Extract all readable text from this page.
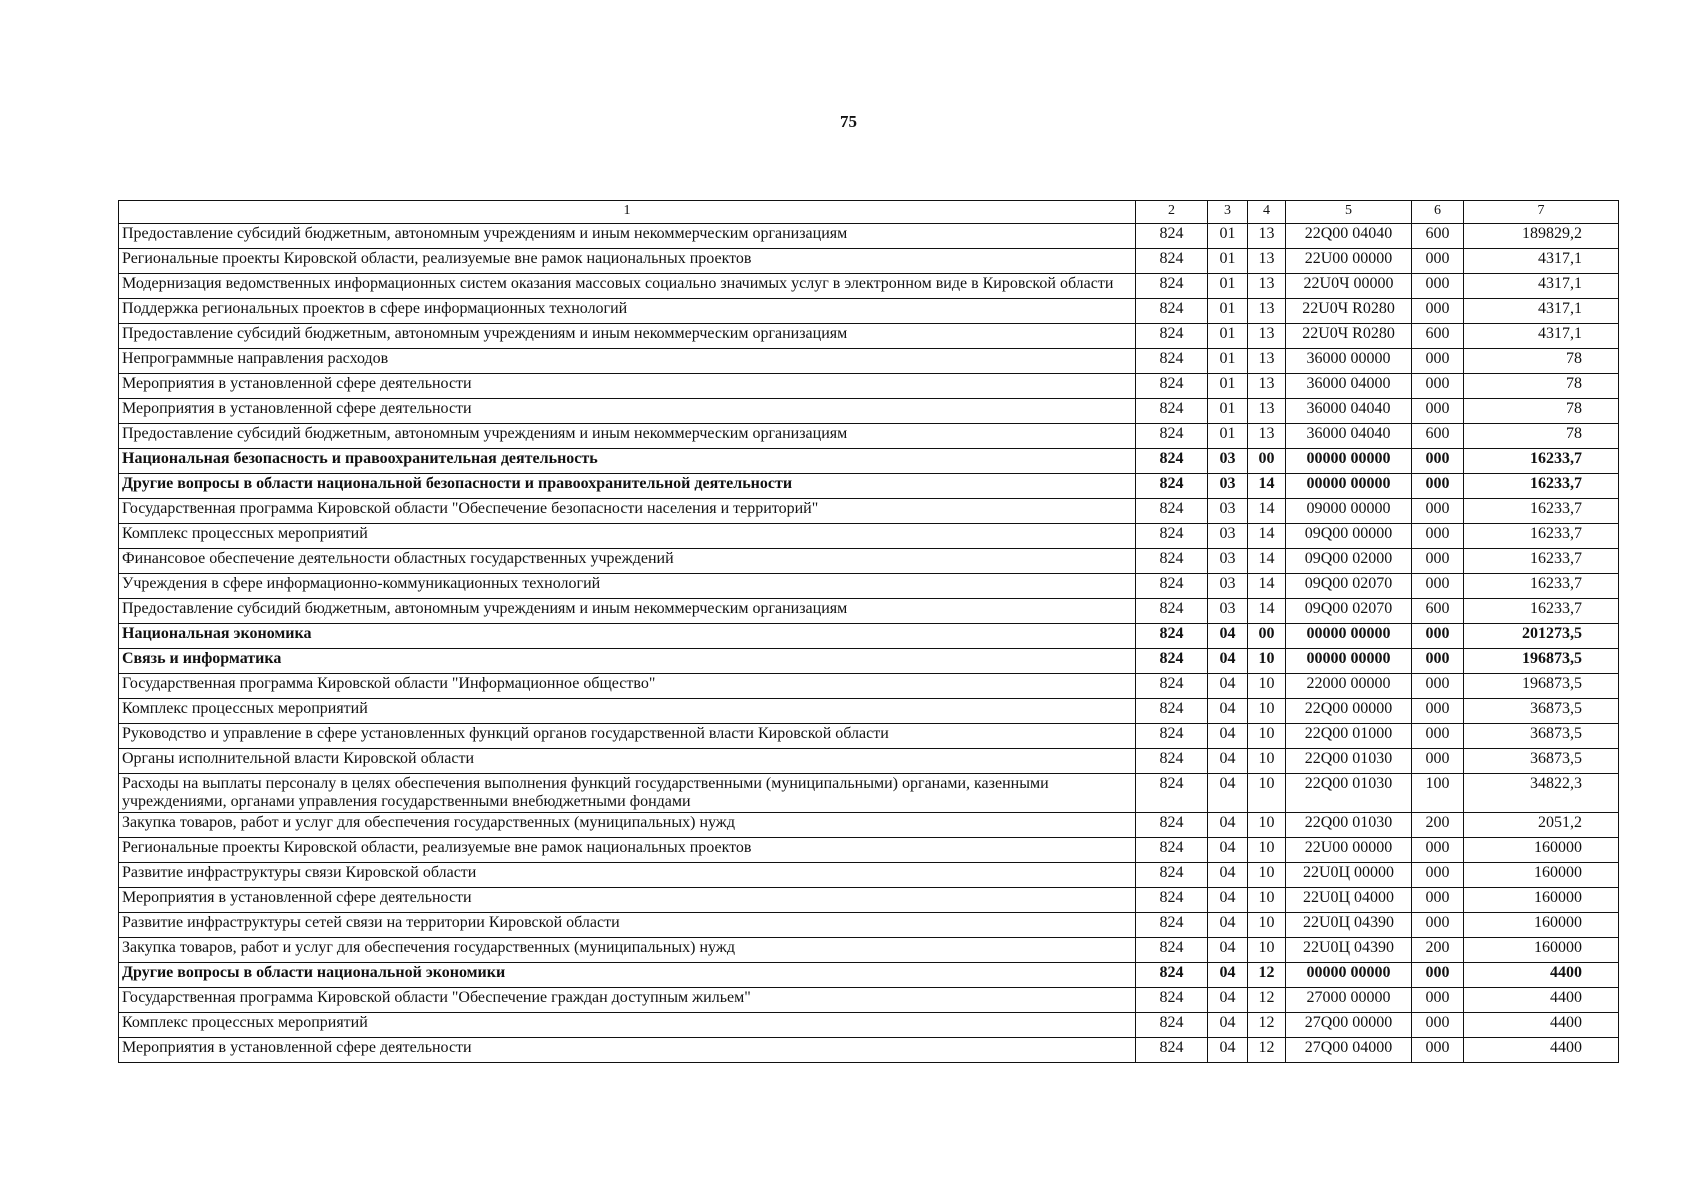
75
1	2	3	4	5	6	7
Предоставление субсидий бюджетным, автономным учреждениям и иным некоммерческим организациям	824	01	13	22Q00 04040	600	189829,2
Региональные проекты Кировской области, реализуемые вне рамок национальных проектов	824	01	13	22U00 00000	000	4317,1
Модернизация ведомственных информационных систем оказания массовых социально значимых услуг в электронном виде в Кировской области	824	01	13	22U0Ч 00000	000	4317,1
Поддержка региональных проектов в сфере информационных технологий	824	01	13	22U0Ч R0280	000	4317,1
Предоставление субсидий бюджетным, автономным учреждениям и иным некоммерческим организациям	824	01	13	22U0Ч R0280	600	4317,1
Непрограммные направления расходов	824	01	13	36000 00000	000	78
Мероприятия в установленной сфере деятельности	824	01	13	36000 04000	000	78
Мероприятия в установленной сфере деятельности	824	01	13	36000 04040	000	78
Предоставление субсидий бюджетным, автономным учреждениям и иным некоммерческим организациям	824	01	13	36000 04040	600	78
Национальная безопасность и правоохранительная деятельность	824	03	00	00000 00000	000	16233,7
Другие вопросы в области национальной безопасности и правоохранительной деятельности	824	03	14	00000 00000	000	16233,7
Государственная программа Кировской области "Обеспечение безопасности населения и территорий"	824	03	14	09000 00000	000	16233,7
Комплекс процессных мероприятий	824	03	14	09Q00 00000	000	16233,7
Финансовое обеспечение деятельности областных государственных учреждений	824	03	14	09Q00 02000	000	16233,7
Учреждения в сфере информационно-коммуникационных технологий	824	03	14	09Q00 02070	000	16233,7
Предоставление субсидий бюджетным, автономным учреждениям и иным некоммерческим организациям	824	03	14	09Q00 02070	600	16233,7
Национальная экономика	824	04	00	00000 00000	000	201273,5
Связь и информатика	824	04	10	00000 00000	000	196873,5
Государственная программа Кировской области "Информационное общество"	824	04	10	22000 00000	000	196873,5
Комплекс процессных мероприятий	824	04	10	22Q00 00000	000	36873,5
Руководство и управление в сфере установленных функций органов государственной власти Кировской области	824	04	10	22Q00 01000	000	36873,5
Органы исполнительной власти Кировской области	824	04	10	22Q00 01030	000	36873,5
Расходы на выплаты персоналу в целях обеспечения выполнения функций государственными (муниципальными) органами, казенными учреждениями, органами управления государственными внебюджетными фондами	824	04	10	22Q00 01030	100	34822,3
Закупка товаров, работ и услуг для обеспечения государственных (муниципальных) нужд	824	04	10	22Q00 01030	200	2051,2
Региональные проекты Кировской области, реализуемые вне рамок национальных проектов	824	04	10	22U00 00000	000	160000
Развитие инфраструктуры связи Кировской области	824	04	10	22U0Ц 00000	000	160000
Мероприятия в установленной сфере деятельности	824	04	10	22U0Ц 04000	000	160000
Развитие инфраструктуры сетей связи на территории Кировской области	824	04	10	22U0Ц 04390	000	160000
Закупка товаров, работ и услуг для обеспечения государственных (муниципальных) нужд	824	04	10	22U0Ц 04390	200	160000
Другие вопросы в области национальной экономики	824	04	12	00000 00000	000	4400
Государственная программа Кировской области "Обеспечение граждан доступным жильем"	824	04	12	27000 00000	000	4400
Комплекс процессных мероприятий	824	04	12	27Q00 00000	000	4400
Мероприятия в установленной сфере деятельности	824	04	12	27Q00 04000	000	4400
